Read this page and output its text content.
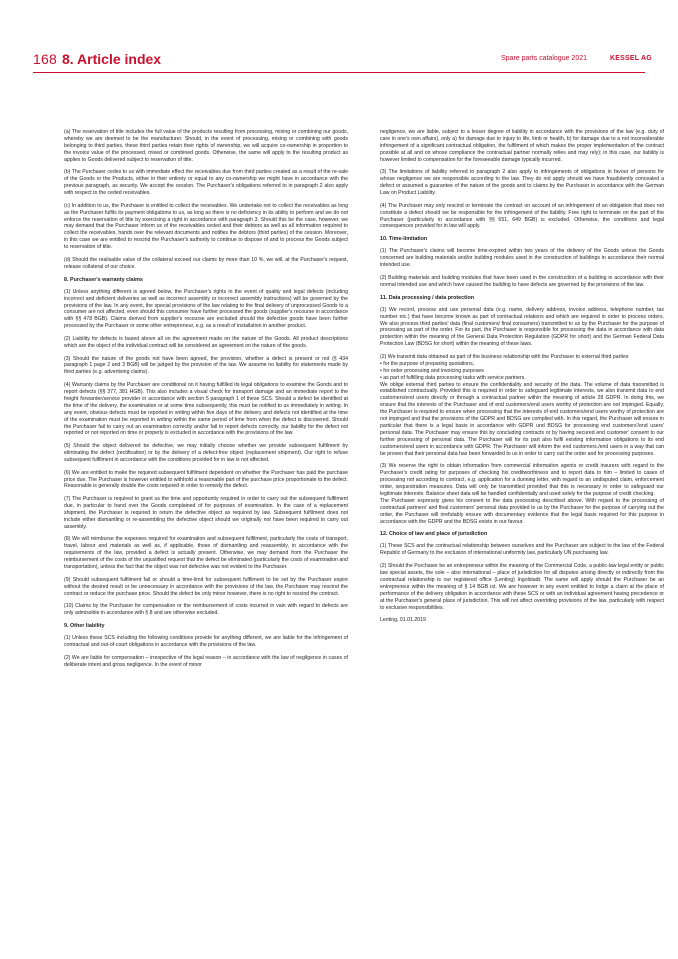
168 8. Article index	Spare parts catalogue 2021	KESSEL AG

(a) The reservation of title includes the full value of the products resulting from processing, mixing or combining our goods, whereby we are deemed to be the manufacturer. Should, in the event of processing, mixing or combining with goods belonging to third parties, these third parties retain their rights of ownership, we will acquire co-ownership in proportion to the invoice value of the processed, mixed or combined goods. Otherwise, the same will apply to the resulting product as applies to Goods delivered subject to reservation of title.

(b) The Purchaser cedes to us with immediate effect the receivables due from third parties created as a result of the re-sale of the Goods or the Products, either in their entirety or equal to any co-ownership we might have in accordance with the previous paragraph, as security. We accept the cession. The Purchaser's obligations referred to in paragraph 2 also apply with respect to the ceded receivables.

(c) In addition to us, the Purchaser is entitled to collect the receivables. We undertake not to collect the receivables as long as the Purchaser fulfils its payment obligations to us, as long as there is no deficiency in its ability to perform and we do not enforce the reservation of title by exercising a right in accordance with paragraph 3. Should this be the case, however, we may demand that the Purchaser inform us of the receivables ceded and their debtors as well as all information required to collect the receivables, hands over the relevant documents and notifies the debtors (third parties) of the cession. Moreover, in this case we are entitled to rescind the Purchaser's authority to continue to dispose of and to process the Goods subject to reservation of title.

(d) Should the realisable value of the collateral exceed our claims by more than 10 %, we will, at the Purchaser's request, release collateral of our choice.

8. Purchaser's warranty claims

(1) Unless anything different is agreed below, the Purchaser's rights in the event of quality and legal defects (including incorrect and deficient deliveries as well as incorrect assembly or incorrect assembly instructions) will be governed by the provisions of the law. In any event, the special provisions of the law relating to the final delivery of unprocessed Goods to a consumer are not affected, even should this consumer have further processed the goods (supplier's recourse in accordance with §§ 478 BGB). Claims derived from supplier's recourse are excluded should the defective goods have been further processed by the Purchaser or some other entrepreneur, e.g. as a result of installation in another product.

(2) Liability for defects is based above all on the agreement made on the nature of the Goods. All product descriptions which are the object of the individual contract will be considered an agreement on the nature of the goods.

(3) Should the nature of the goods not have been agreed, the provision, whether a defect is present or not (§ 434 paragraph 1 page 2 and 3 BGB) will be judged by the provision of the law. We assume no liability for statements made by third parties (e.g. advertising claims).

(4) Warranty claims by the Purchaser are conditional on it having fulfilled its legal obligations to examine the Goods and to report defects (§§ 377, 381 HGB). This also includes a visual check for transport damage and an immediate report to the freight forwarder/service provider in accordance with section 5 paragraph 1 of these SCS. Should a defect be identified at the time of the delivery, the examination or at some time subsequently, this must be notified to us immediately in writing. In any event, obvious defects must be reported in writing within five days of the delivery and defects not identified at the time of the examination must be reported in writing within the same period of time from when the defect is discovered. Should the Purchaser fail to carry out an examination correctly and/or fail to report defects correctly, our liability for the defect not reported or not reported on time or properly is excluded in accordance with the provisions of the law.

(5) Should the object delivered be defective, we may initially choose whether we provide subsequent fulfilment by eliminating the defect (rectification) or by the delivery of a defect-free object (replacement shipment). Our right to refuse subsequent fulfilment in accordance with the conditions provided for in law is not affected.

(6) We are entitled to make the required subsequent fulfilment dependent on whether the Purchaser has paid the purchase price due. The Purchaser is however entitled to withhold a reasonable part of the purchase price proportionate to the defect. Reasonable is generally double the costs required in order to remedy the defect.

(7) The Purchaser is required to grant us the time and opportunity required in order to carry out the subsequent fulfilment due, in particular to hand over the Goods complained of for purposes of examination. In the case of a replacement shipment, the Purchaser is required to return the defective object as required by law. Subsequent fulfilment does not include either dismantling or re-assembling the defective object should we originally not have been required to carry out assembly.

(8) We will reimburse the expenses required for examination and subsequent fulfilment, particularly the costs of transport, travel, labour and materials as well as, if applicable, those of dismantling and reassembly, in accordance with the requirements of the law, provided a defect is actually present. Otherwise, we may demand from the Purchaser the reimbursement of the costs of the unjustified request that the defect be eliminated (particularly the costs of examination and transportation), unless the fact that the object was not defective was not evident to the Purchaser.

(9) Should subsequent fulfilment fail or should a time-limit for subsequent fulfilment to be set by the Purchaser expire without the desired result or be unnecessary in accordance with the provisions of the law, the Purchaser may rescind the contract or reduce the purchase price. Should the defect be only minor however, there is no right to rescind the contract.

(10) Claims by the Purchaser for compensation or the reimbursement of costs incurred in vain with regard to defects are only admissible in accordance with § 8 and are otherwise excluded.

9. Other liability

(1) Unless these SCS including the following conditions provide for anything different, we are liable for the infringement of contractual and out-of-court obligations in accordance with the provisions of the law.

(2) We are liable for compensation – irrespective of the legal reason – in accordance with the law of negligence in cases of deliberate intent and gross negligence. In the event of minor

negligence, we are liable, subject to a lesser degree of liability in accordance with the provisions of the law (e.g. duty of care in one's own affairs), only a) for damage due to injury to life, limb or health, b) for damage due to a not inconsiderable infringement of a significant contractual obligation, the fulfilment of which makes the proper implementation of the contract possible at all and on whose compliance the contractual partner normally relies and may rely); in this case, our liability is however limited to compensation for the foreseeable damage typically incurred.

(3) The limitations of liability referred to paragraph 2 also apply to infringements of obligations in favour of persons for whose negligence we are responsible according to the law. They do not apply should we have fraudulently concealed a defect or assumed a guarantee of the nature of the goods and to claims by the Purchaser in accordance with the German Law on Product Liability.

(4) The Purchaser may only rescind or terminate the contract on account of an infringement of an obligation that does not constitute a defect should we be responsible for the infringement of the liability. Free right to terminate on the part of the Purchaser (particularly in accordance with §§ 651, 649 BGB) is excluded. Otherwise, the conditions and legal consequences provided for in law will apply.

10. Time-limitation

(1) The Purchaser's claims will become time-expired within two years of the delivery of the Goods unless the Goods concerned are building materials and/or building modules used in the construction of buildings in accordance their normal intended use.

(2) Building materials and building modules that have been used in the construction of a building in accordance with their normal intended use and which have caused the building to have defects are governed by the provisions of the law.

11. Data processing / data protection

(1) We record, process and use personal data (e.g. name, delivery address, invoice address, telephone number, tax number etc.) that have become known as part of contractual relations and which are required in order to process orders. We also process third parties' data (final customers/ final consumers) transmitted to us by the Purchaser for the purpose of processing as part of the order. For its part, the Purchaser is responsible for processing the data in accordance with data protection within the meaning of the General Data Protection Regulation (GDPR for short) and the German Federal Data Protection Law (BDSG for short) within the meaning of these laws.

(2) We transmit data obtained as part of the business relationship with the Purchaser to external third parties
• for the purpose of preparing quotations,
• for order processing and invoicing purposes
• as part of fulfilling data processing tasks with service partners.
We oblige external third parties to ensure the confidentiality and security of the data. The volume of data transmitted is established contractually. Provided this is required in order to safeguard legitimate interests, we also transmit data to end customers/end users directly or through a contractual partner within the meaning of article 28 GDPR. In doing this, we ensure that the interests of the Purchaser and of end customers/end users worthy of protection are not impinged. Equally, the Purchaser is required to ensure when processing that the interests of end customers/end users worthy of protection are not impinged and that the provisions of the GDPR and BDSG are complied with. In this regard, the Purchaser will ensure in particular that there is a legal basis in accordance with GDPR und BDSG for processing end customers'/end users' personal data. The Purchaser may ensure this by concluding contracts or by having secured end customer' consent to our further processing of personal data. The Purchaser will for its part also fulfil existing information obligations to its end customers/end users in accordance with GDPR. The Purchaser will inform the end customers./end users in a way that can be proven that their personal data has been forwarded to us in order to carry out the order and for processing purposes.

(3) We reserve the right to obtain information from commercial information agents or credit insurers with regard to the Purchaser's credit rating for purposes of checking his creditworthiness and to report data to him – limited to cases of processing not according to contract, e.g. application for a dunning letter, with regard to an undisputed claim, enforcement order, sequestration measures. Data will only be transmitted provided that this is necessary in order to safeguard our legitimate interests. Balance sheet data will be handled confidentially and used solely for the purpose of credit checking.
The Purchaser expressly gives his consent to the data processing described above. With regard to the processing of contractual partners' and final customers' personal data provided to us by the Purchaser for the purpose of carrying out the order, the Purchaser will irrefutably ensure with documentary evidence that the legal basis required for this purpose in accordance with the GDPR and the BDSG exists in our favour.

12. Choice of law and place of jurisdiction

(1) These SCS and the contractual relationship between ourselves and the Purchaser are subject to the law of the Federal Republic of Germany to the exclusion of international uniformity law, particularly UN purchasing law.

(2) Should the Purchaser be an entrepreneur within the meaning of the Commercial Code, a public-law legal entity or public law special assets, the sole – also international – place of jurisdiction for all disputes arising directly or indirectly from the contractual relationship is our registered office (Lenting) Ingolstadt. The same will apply should the Purchaser be an entrepreneur within the meaning of § 14 BGB ist. We are however in any event entitled to lodge a claim at the place of performance of the delivery obligation in accordance with these SCS or with an individual agreement having precedence or at the Purchaser's general place of jurisdiction. This will not affect overriding provisions of the law, particularly with respect to exclusive responsibilities.

Lenting, 01.01.2019
